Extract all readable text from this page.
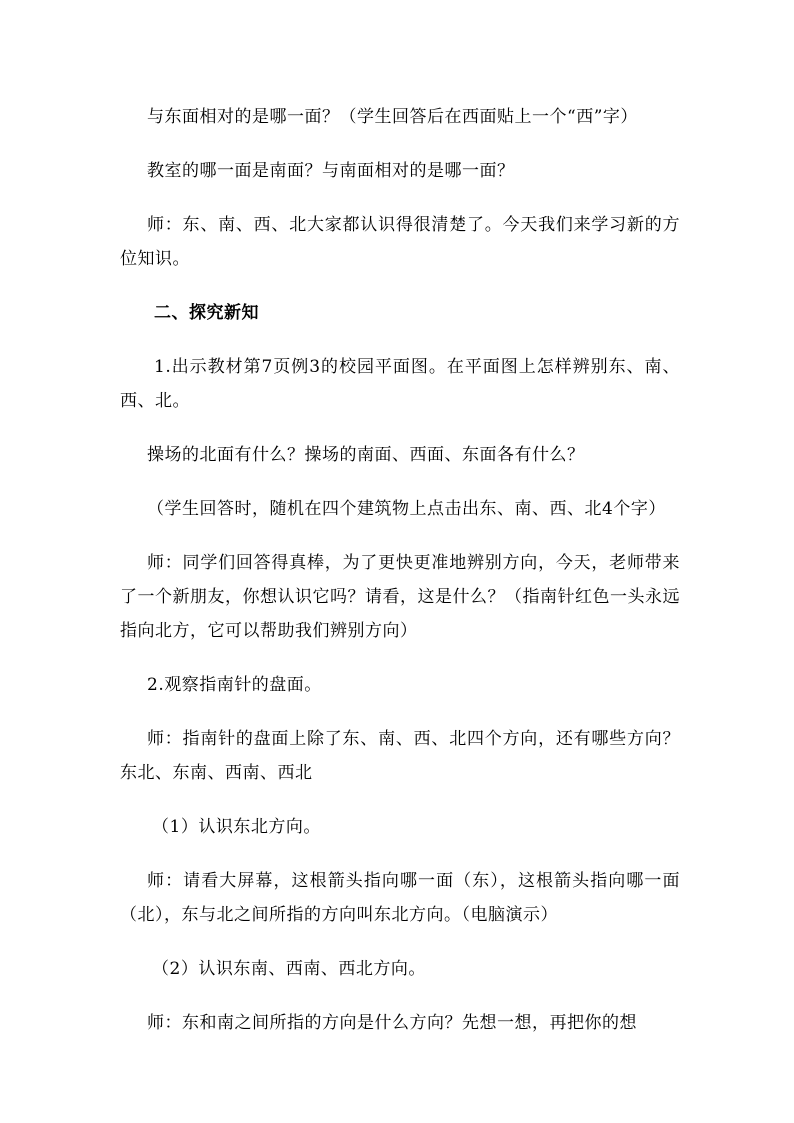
与东面相对的是哪一面？（学生回答后在西面贴上一个“西”字）

教室的哪一面是南面？与南面相对的是哪一面？

师：东、南、西、北大家都认识得很清楚了。今天我们来学习新的方位知识。

二、探究新知

1.出示教材第7页例3的校园平面图。在平面图上怎样辨别东、南、西、北。

操场的北面有什么？操场的南面、西面、东面各有什么？

（学生回答时，随机在四个建筑物上点击出东、南、西、北4个字）

师：同学们回答得真棒，为了更快更准地辨别方向，今天，老师带来了一个新朋友，你想认识它吗？请看，这是什么？（指南针红色一头永远指向北方，它可以帮助我们辨别方向）

2.观察指南针的盘面。

师：指南针的盘面上除了东、南、西、北四个方向，还有哪些方向？东北、东南、西南、西北

（1）认识东北方向。

师：请看大屏幕，这根箭头指向哪一面（东），这根箭头指向哪一面（北），东与北之间所指的方向叫东北方向。（电脑演示）

（2）认识东南、西南、西北方向。

师：东和南之间所指的方向是什么方向？先想一想，再把你的想
